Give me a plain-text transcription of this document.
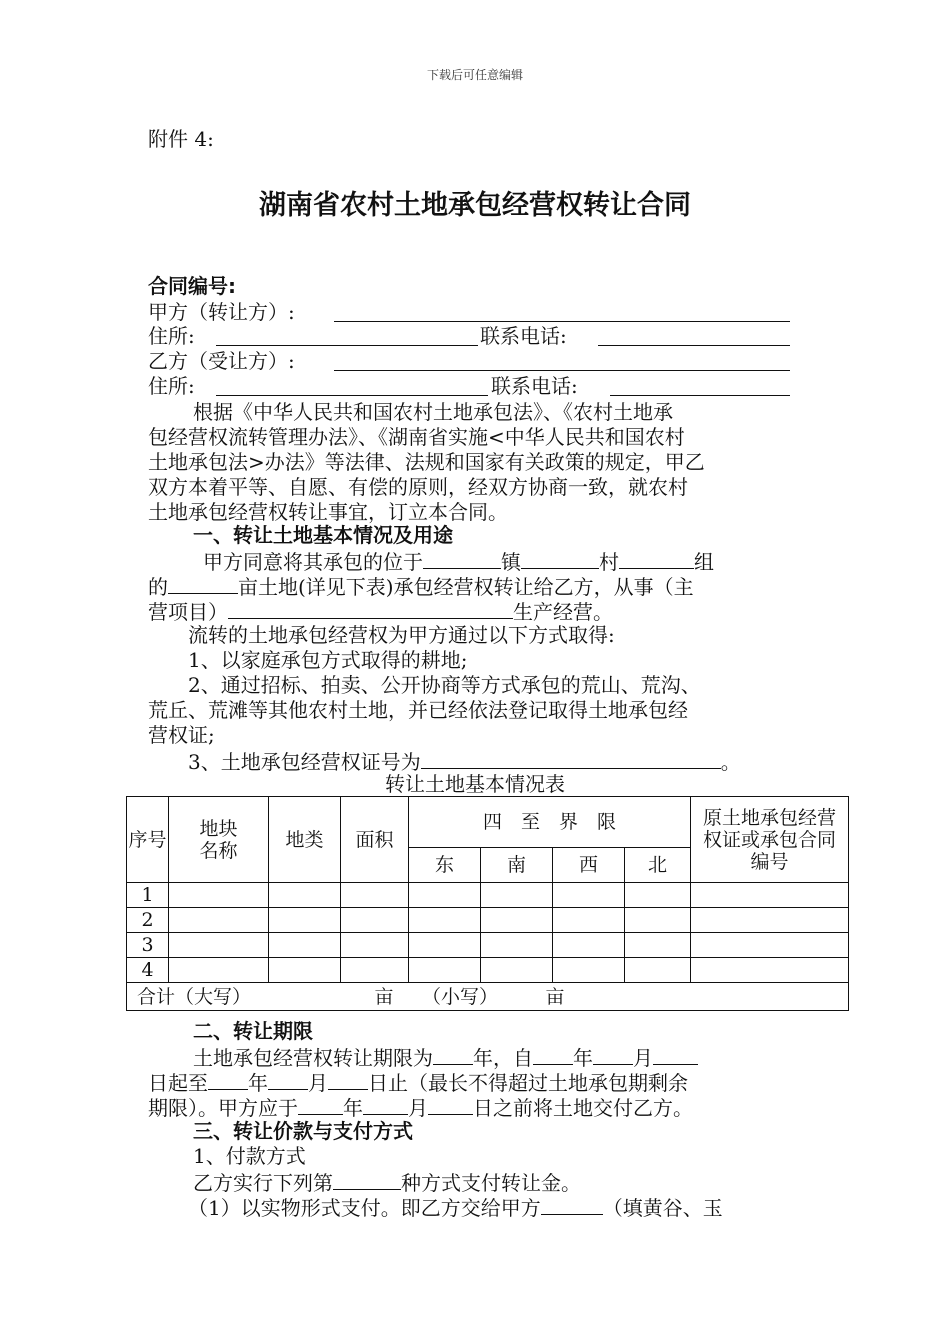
下载后可任意编辑
附件 4:
湖南省农村土地承包经营权转让合同
合同编号:
甲方（转让方）:
住所:	联系电话:
乙方（受让方）:
住所:	联系电话:
根据《中华人民共和国农村土地承包法》、《农村土地承
包经营权流转管理办法》、《湖南省实施<中华人民共和国农村
土地承包法>办法》等法律、法规和国家有关政策的规定，甲乙
双方本着平等、自愿、有偿的原则，经双方协商一致，就农村
土地承包经营权转让事宜，订立本合同。
一、转让土地基本情况及用途
甲方同意将其承包的位于	镇	村	组
的	亩土地(详见下表)承包经营权转让给乙方，从事（主
营项目）	生产经营。
流转的土地承包经营权为甲方通过以下方式取得:
1、以家庭承包方式取得的耕地;
2、通过招标、拍卖、公开协商等方式承包的荒山、荒沟、
荒丘、荒滩等其他农村土地，并已经依法登记取得土地承包经
营权证;
3、土地承包经营权证号为	。
转让土地基本情况表
序号	地块名称	地类	面积	四　至　界　限				原土地承包经营权证或承包合同编号
				东	南	西	北	
1								
2								
3								
4								
合计（大写）　　　　　　　亩　　（小写）　　　亩								
二、转让期限
土地承包经营权转让期限为 年，自 年 月
日起至 年 月 日止（最长不得超过土地承包期剩余
期限）。甲方应于 年 月 日之前将土地交付乙方。
三、转让价款与支付方式
1、付款方式
乙方实行下列第	种方式支付转让金。
（1）以实物形式支付。即乙方交给甲方	（填黄谷、玉
